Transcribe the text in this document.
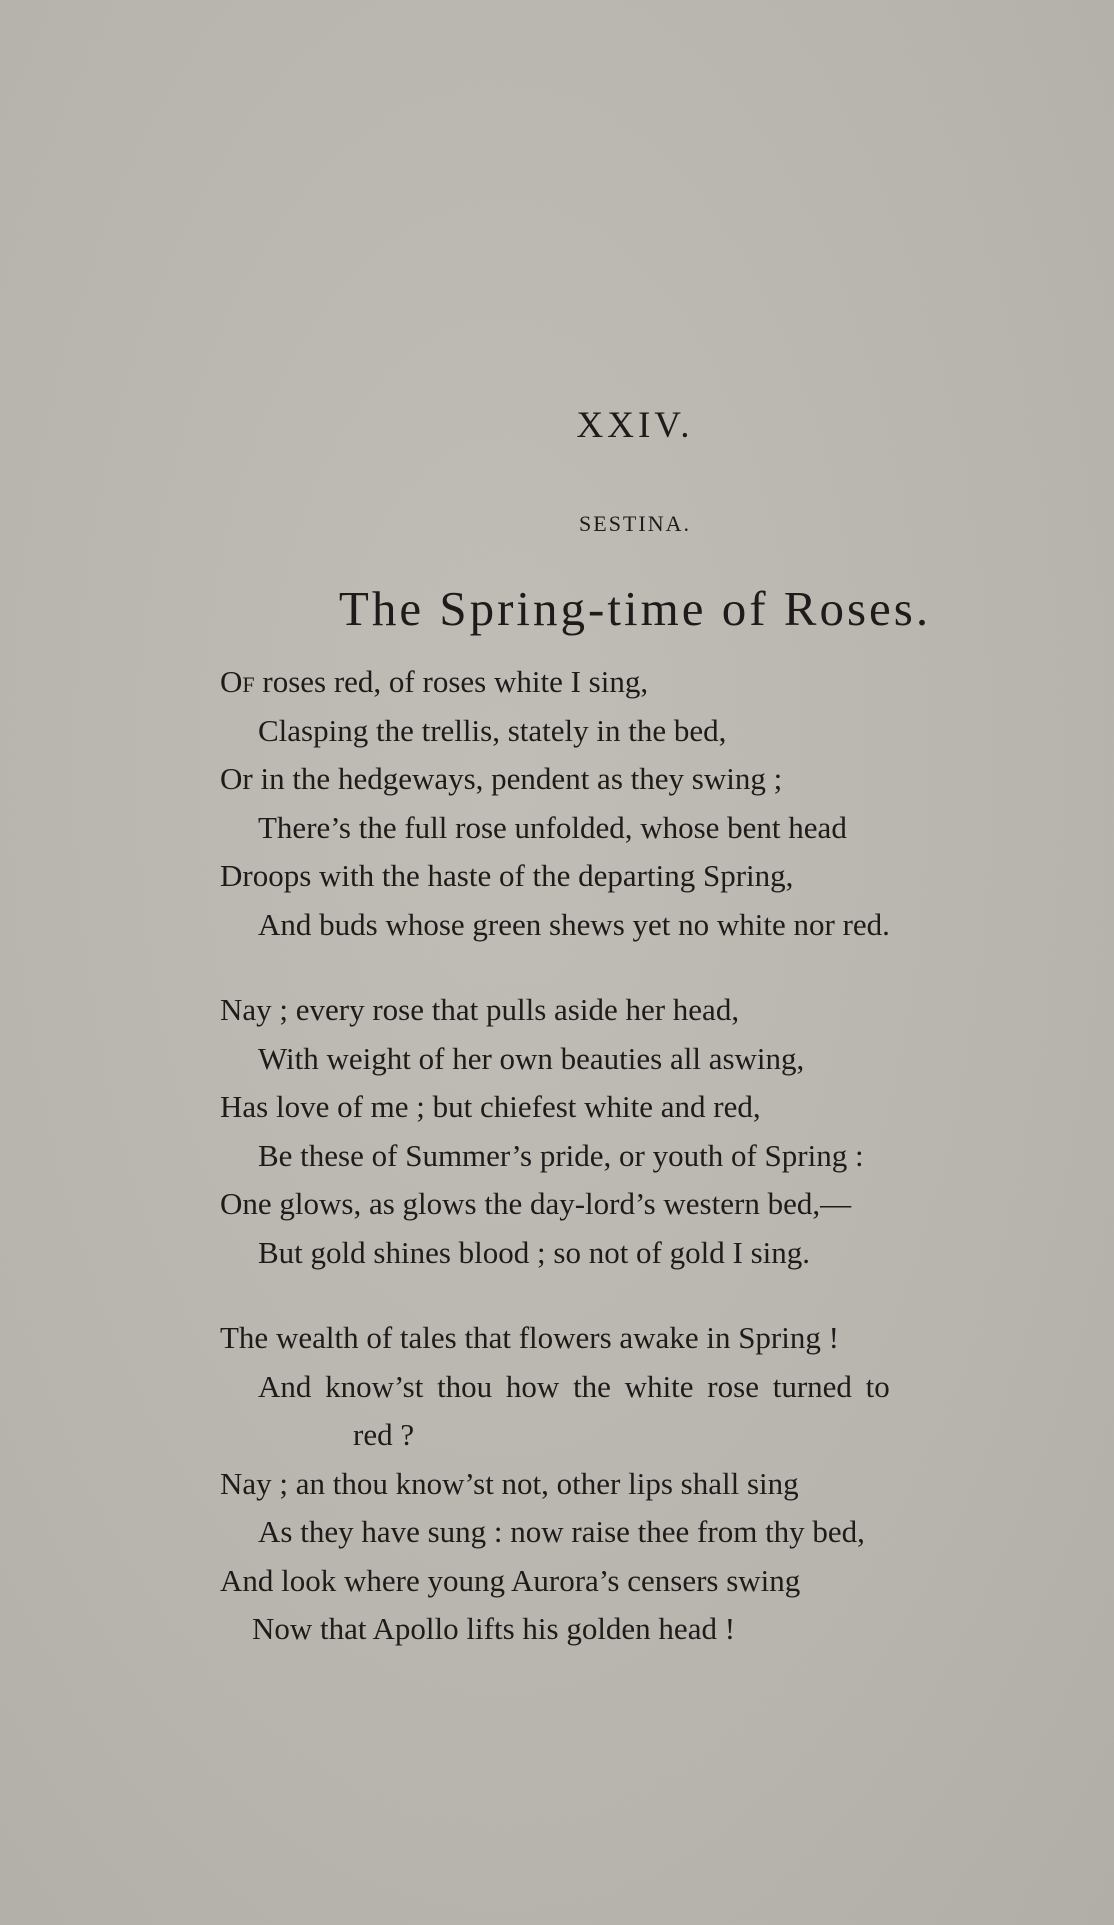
XXIV.
SESTINA.
The Spring-time of Roses.
Of roses red, of roses white I sing,
Clasping the trellis, stately in the bed,
Or in the hedgeways, pendent as they swing ;
There’s the full rose unfolded, whose bent head
Droops with the haste of the departing Spring,
And buds whose green shews yet no white nor red.
Nay ; every rose that pulls aside her head,
With weight of her own beauties all aswing,
Has love of me ; but chiefest white and red,
Be these of Summer’s pride, or youth of Spring :
One glows, as glows the day-lord’s western bed,—
But gold shines blood ; so not of gold I sing.
The wealth of tales that flowers awake in Spring !
And know’st thou how the white rose turned to
red ?
Nay ; an thou know’st not, other lips shall sing
As they have sung : now raise thee from thy bed,
And look where young Aurora’s censers swing
Now that Apollo lifts his golden head !
